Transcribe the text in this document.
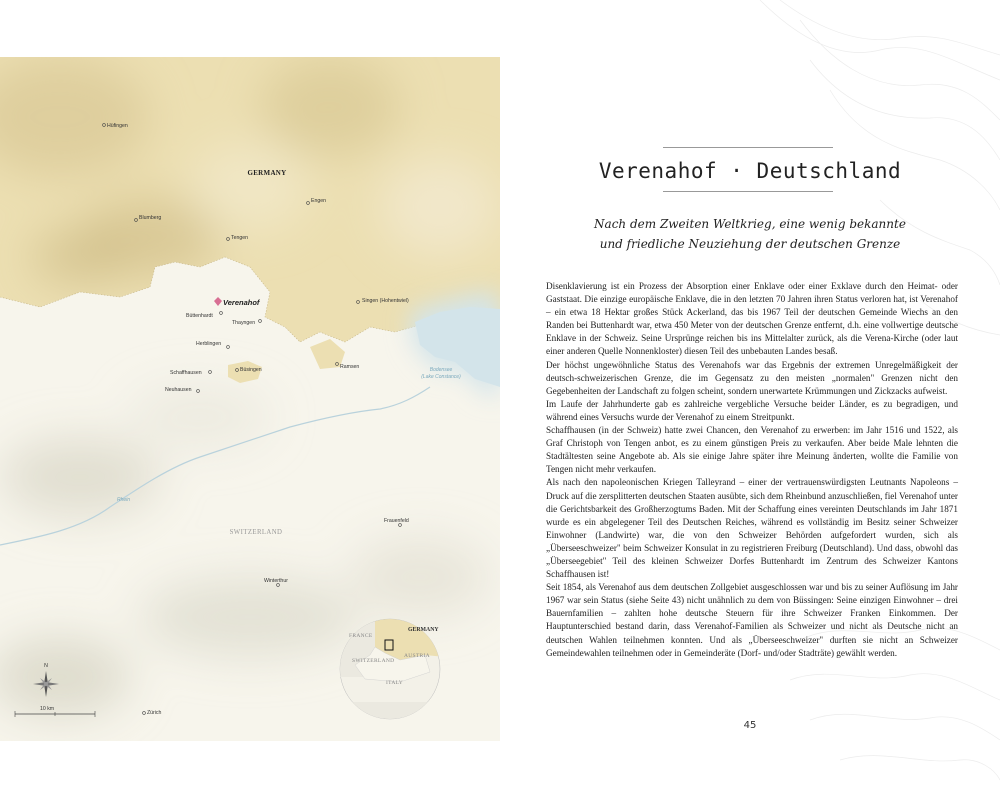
GERMANY
SWITZERLAND
Rhein
Bodensee
(Lake Constance)
Hüfingen
Engen
Blumberg
Tengen
Singen (Hohentwiel)
Verenahof
Büttenhardt
Thayngen
Herblingen
Schaffhausen	Büsingen	Ramsen
Neuhausen
Frauenfeld
Winterthur
Zürich
N
10 km
GERMANY
FRANCE
SWITZERLAND
AUSTRIA
ITALY
Verenahof · Deutschland
Nach dem Zweiten Weltkrieg, eine wenig bekannte
und friedliche Neuziehung der deutschen Grenze

Disenklavierung ist ein Prozess der Absorption einer Enklave oder einer Exklave durch den Heimat- oder Gaststaat. Die einzige europäische Enklave, die in den letzten 70 Jahren ihren Status verloren hat, ist Verenahof – ein etwa 18 Hektar großes Stück Ackerland, das bis 1967 Teil der deutschen Gemeinde Wiechs an den Randen bei Buttenhardt war, etwa 450 Meter von der deutschen Grenze entfernt, d.h. eine vollwertige deutsche Enklave in der Schweiz. Seine Ursprünge reichen bis ins Mittelalter zurück, als die Verena-Kirche (oder laut einer anderen Quelle Nonnenkloster) diesen Teil des unbebauten Landes besaß.

Der höchst ungewöhnliche Status des Verenahofs war das Ergebnis der extremen Unregelmäßigkeit der deutsch-schweizerischen Grenze, die im Gegensatz zu den meisten „normalen" Grenzen nicht den Gegebenheiten der Landschaft zu folgen scheint, sondern unerwartete Krümmungen und Zickzacks aufweist.

Im Laufe der Jahrhunderte gab es zahlreiche vergebliche Versuche beider Länder, es zu begradigen, und während eines Versuchs wurde der Verenahof zu einem Streitpunkt.

Schaffhausen (in der Schweiz) hatte zwei Chancen, den Verenahof zu erwerben: im Jahr 1516 und 1522, als Graf Christoph von Tengen anbot, es zu einem günstigen Preis zu verkaufen. Aber beide Male lehnten die Stadtältesten seine Angebote ab. Als sie einige Jahre später ihre Meinung änderten, wollte die Familie von Tengen nicht mehr verkaufen.

Als nach den napoleonischen Kriegen Talleyrand – einer der vertrauenswürdigsten Leutnants Napoleons – Druck auf die zersplitterten deutschen Staaten ausübte, sich dem Rheinbund anzuschließen, fiel Verenahof unter die Gerichtsbarkeit des Großherzogtums Baden. Mit der Schaffung eines vereinten Deutschlands im Jahr 1871 wurde es ein abgelegener Teil des Deutschen Reiches, während es vollständig im Besitz seiner Schweizer Einwohner (Landwirte) war, die von den Schweizer Behörden aufgefordert wurden, sich als „Überseeschweizer" beim Schweizer Konsulat in zu registrieren Freiburg (Deutschland). Und dass, obwohl das „Überseegebiet" Teil des kleinen Schweizer Dorfes Buttenhardt im Zentrum des Schweizer Kantons Schaffhausen ist!

Seit 1854, als Verenahof aus dem deutschen Zollgebiet ausgeschlossen war und bis zu seiner Auflösung im Jahr 1967 war sein Status (siehe Seite 43) nicht unähnlich zu dem von Büssingen: Seine einzigen Einwohner – drei Bauernfamilien – zahlten hohe deutsche Steuern für ihre Schweizer Franken Einkommen. Der Hauptunterschied bestand darin, dass Verenahof-Familien als Schweizer und nicht als Deutsche nicht an deutschen Wahlen teilnehmen konnten. Und als „Überseeschweizer" durften sie nicht an Schweizer Gemeindewahlen teilnehmen oder in Gemeinderäte (Dorf- und/oder Stadträte) gewählt werden.

45
